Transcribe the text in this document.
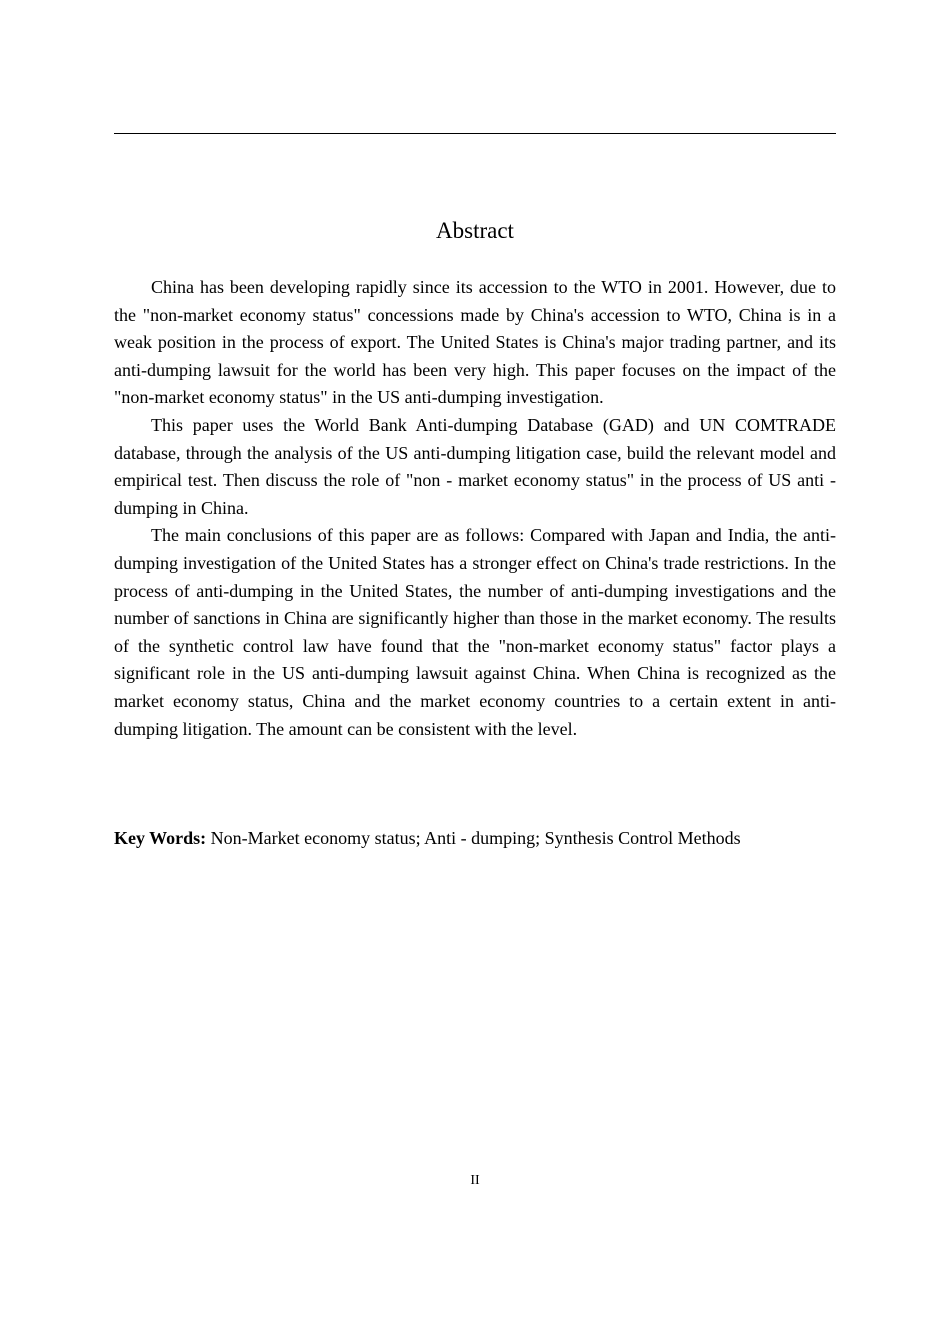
Abstract

China has been developing rapidly since its accession to the WTO in 2001. However, due to the "non-market economy status" concessions made by China's accession to WTO, China is in a weak position in the process of export. The United States is China's major trading partner, and its anti-dumping lawsuit for the world has been very high. This paper focuses on the impact of the "non-market economy status" in the US anti-dumping investigation.

This paper uses the World Bank Anti-dumping Database (GAD) and UN COMTRADE database, through the analysis of the US anti-dumping litigation case, build the relevant model and empirical test. Then discuss the role of "non - market economy status" in the process of US anti - dumping in China.

The main conclusions of this paper are as follows: Compared with Japan and India, the anti-dumping investigation of the United States has a stronger effect on China's trade restrictions. In the process of anti-dumping in the United States, the number of anti-dumping investigations and the number of sanctions in China are significantly higher than those in the market economy. The results of the synthetic control law have found that the "non-market economy status" factor plays a significant role in the US anti-dumping lawsuit against China. When China is recognized as the market economy status, China and the market economy countries to a certain extent in anti-dumping litigation. The amount can be consistent with the level.

Key Words: Non-Market economy status; Anti - dumping; Synthesis Control Methods
II
